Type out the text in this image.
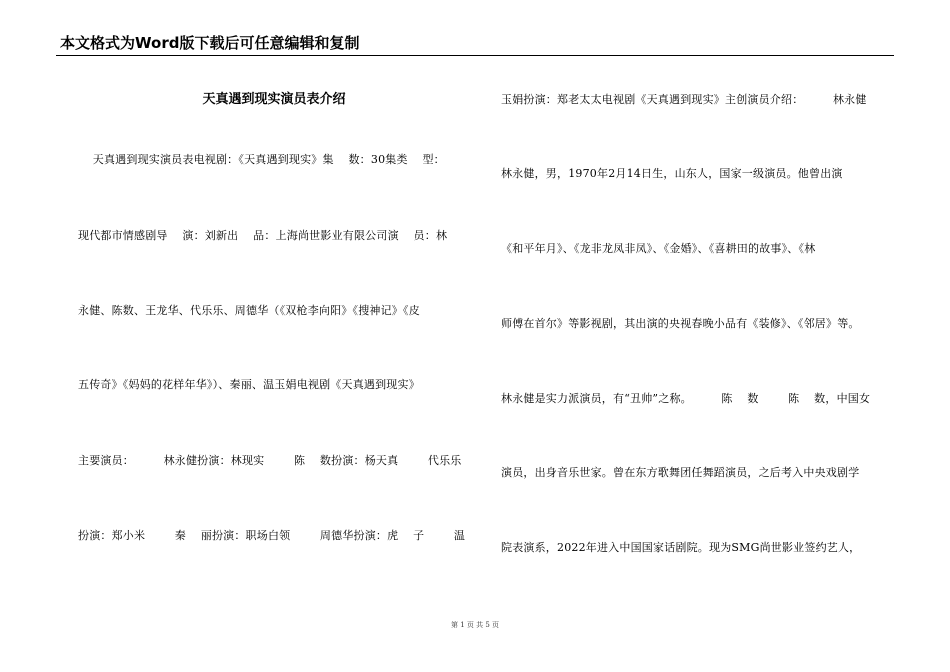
本文格式为Word版下载后可任意编辑和复制
天真遇到现实演员表介绍
天真遇到现实演员表电视剧：《天真遇到现实》集    数：30集类    型：
现代都市情感剧导    演：刘新出    品：上海尚世影业有限公司演    员：林
永健、陈数、王龙华、代乐乐、周德华（《双枪李向阳》《搜神记》《皮
五传奇》《妈妈的花样年华》）、秦丽、温玉娟电视剧《天真遇到现实》
主要演员：        林永健扮演：林现实        陈    数扮演：杨天真        代乐乐
扮演：郑小米        秦    丽扮演：职场白领        周德华扮演：虎    子        温
玉娟扮演：郑老太太电视剧《天真遇到现实》主创演员介绍：        林永健
林永健，男，1970年2月14日生，山东人，国家一级演员。他曾出演
《和平年月》、《龙非龙凤非凤》、《金婚》、《喜耕田的故事》、《林
师傅在首尔》等影视剧，其出演的央视春晚小品有《装修》、《邻居》等。
林永健是实力派演员，有“丑帅”之称。        陈    数        陈    数，中国女
演员，出身音乐世家。曾在东方歌舞团任舞蹈演员，之后考入中央戏剧学
院表演系，2022年进入中国国家话剧院。现为SMG尚世影业签约艺人，
第 1 页 共 5 页
